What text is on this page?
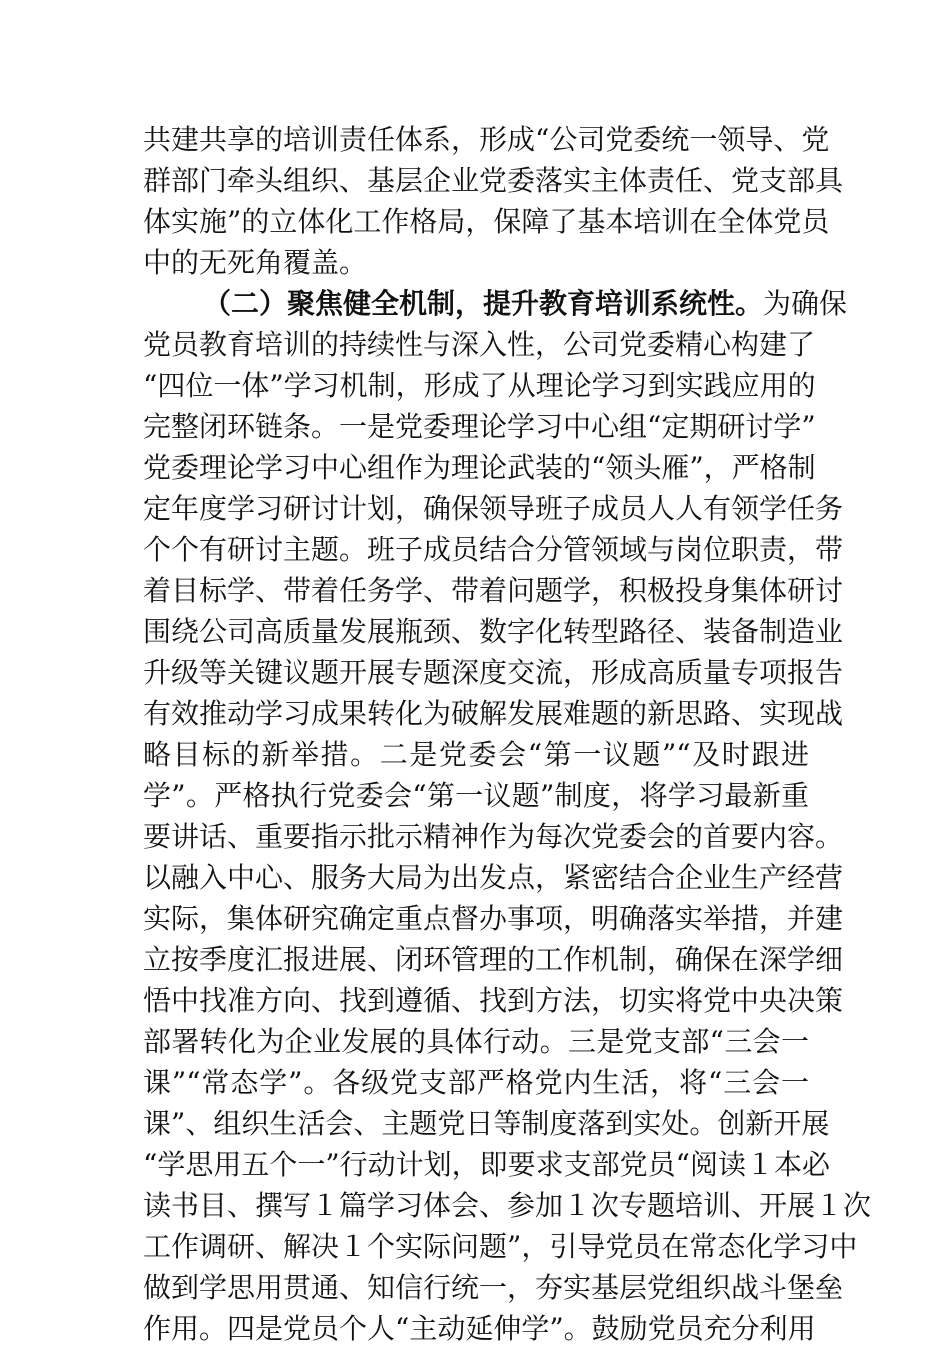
共建共享的培训责任体系，形成“公司党委统一领导、党
群部门牵头组织、基层企业党委落实主体责任、党支部具
体实施”的立体化工作格局，保障了基本培训在全体党员
中的无死角覆盖。
（二）聚焦健全机制，提升教育培训系统性。为确保
党员教育培训的持续性与深入性，公司党委精心构建了
“四位一体”学习机制，形成了从理论学习到实践应用的
完整闭环链条。一是党委理论学习中心组“定期研讨学”
党委理论学习中心组作为理论武装的“领头雁”，严格制
定年度学习研讨计划，确保领导班子成员人人有领学任务
个个有研讨主题。班子成员结合分管领域与岗位职责，带
着目标学、带着任务学、带着问题学，积极投身集体研讨
围绕公司高质量发展瓶颈、数字化转型路径、装备制造业
升级等关键议题开展专题深度交流，形成高质量专项报告
有效推动学习成果转化为破解发展难题的新思路、实现战
略目标的新举措。二是党委会“第一议题”“及时跟进
学”。严格执行党委会“第一议题”制度，将学习最新重
要讲话、重要指示批示精神作为每次党委会的首要内容。
以融入中心、服务大局为出发点，紧密结合企业生产经营
实际，集体研究确定重点督办事项，明确落实举措，并建
立按季度汇报进展、闭环管理的工作机制，确保在深学细
悟中找准方向、找到遵循、找到方法，切实将党中央决策
部署转化为企业发展的具体行动。三是党支部“三会一
课”“常态学”。各级党支部严格党内生活，将“三会一
课”、组织生活会、主题党日等制度落到实处。创新开展
“学思用五个一”行动计划，即要求支部党员“阅读１本必
读书目、撰写１篇学习体会、参加１次专题培训、开展１次
工作调研、解决１个实际问题”，引导党员在常态化学习中
做到学思用贯通、知信行统一，夯实基层党组织战斗堡垒
作用。四是党员个人“主动延伸学”。鼓励党员充分利用
